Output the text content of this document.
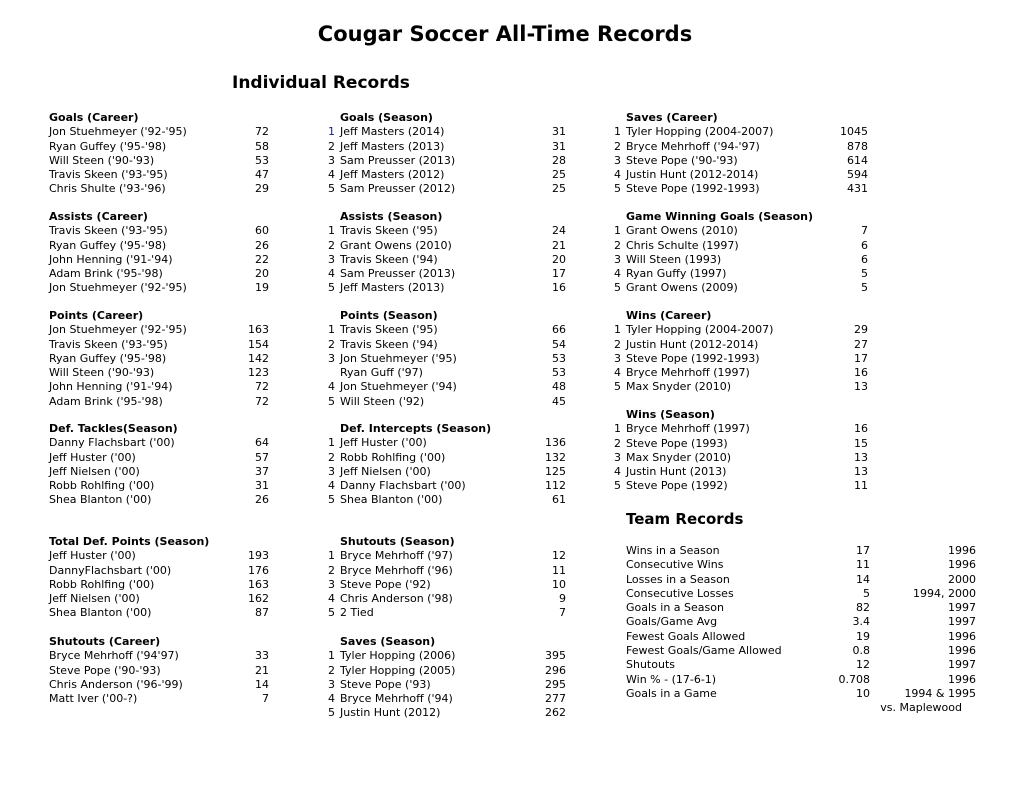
Cougar Soccer All-Time Records
Individual Records
Goals (Career)
Jon Stuehmeyer ('92-'95)	72
Ryan Guffey ('95-'98)	58
Will Steen ('90-'93)	53
Travis Skeen ('93-'95)	47
Chris Shulte ('93-'96)	29
Assists (Career)
Travis Skeen ('93-'95)	60
Ryan Guffey ('95-'98)	26
John Henning ('91-'94)	22
Adam Brink ('95-'98)	20
Jon Stuehmeyer ('92-'95)	19
Points (Career)
Jon Stuehmeyer ('92-'95)	163
Travis Skeen ('93-'95)	154
Ryan Guffey ('95-'98)	142
Will Steen ('90-'93)	123
John Henning ('91-'94)	72
Adam Brink ('95-'98)	72
Def. Tackles(Season)
Danny Flachsbart ('00)	64
Jeff Huster ('00)	57
Jeff Nielsen ('00)	37
Robb Rohlfing ('00)	31
Shea Blanton ('00)	26
Total Def. Points (Season)
Jeff Huster ('00)	193
DannyFlachsbart ('00)	176
Robb Rohlfing ('00)	163
Jeff Nielsen ('00)	162
Shea Blanton ('00)	87
Shutouts (Career)
Bryce Mehrhoff ('94'97)	33
Steve Pope ('90-'93)	21
Chris Anderson ('96-'99)	14
Matt Iver ('00-?)	7
Goals (Season)
1 Jeff Masters (2014)	31
2 Jeff Masters (2013)	31
3 Sam Preusser (2013)	28
4 Jeff Masters (2012)	25
5 Sam Preusser (2012)	25
Assists (Season)
1 Travis Skeen ('95)	24
2 Grant Owens (2010)	21
3 Travis Skeen ('94)	20
4 Sam Preusser (2013)	17
5 Jeff Masters (2013)	16
Points (Season)
1 Travis Skeen ('95)	66
2 Travis Skeen ('94)	54
3 Jon Stuehmeyer ('95)	53
Ryan Guff ('97)	53
4 Jon Stuehmeyer ('94)	48
5 Will Steen ('92)	45
Def. Intercepts (Season)
1 Jeff Huster ('00)	136
2 Robb Rohlfing ('00)	132
3 Jeff Nielsen ('00)	125
4 Danny Flachsbart ('00)	112
5 Shea Blanton ('00)	61
Shutouts (Season)
1 Bryce Mehrhoff ('97)	12
2 Bryce Mehrhoff ('96)	11
3 Steve Pope ('92)	10
4 Chris Anderson ('98)	9
5 2 Tied	7
Saves (Season)
1 Tyler Hopping (2006)	395
2 Tyler Hopping (2005)	296
3 Steve Pope ('93)	295
4 Bryce Mehrhoff ('94)	277
5 Justin Hunt (2012)	262
Saves (Career)
1 Tyler Hopping (2004-2007)	1045
2 Bryce Mehrhoff ('94-'97)	878
3 Steve Pope ('90-'93)	614
4 Justin Hunt (2012-2014)	594
5 Steve Pope (1992-1993)	431
Game Winning Goals (Season)
1 Grant Owens (2010)	7
2 Chris Schulte (1997)	6
3 Will Steen (1993)	6
4 Ryan Guffy (1997)	5
5 Grant Owens (2009)	5
Wins (Career)
1 Tyler Hopping (2004-2007)	29
2 Justin Hunt (2012-2014)	27
3 Steve Pope (1992-1993)	17
4 Bryce Mehrhoff (1997)	16
5 Max Snyder (2010)	13
Wins (Season)
1 Bryce Mehrhoff (1997)	16
2 Steve Pope (1993)	15
3 Max Snyder (2010)	13
4 Justin Hunt (2013)	13
5 Steve Pope (1992)	11
Team Records
Wins in a Season	17	1996
Consecutive Wins	11	1996
Losses in a Season	14	2000
Consecutive Losses	5	1994, 2000
Goals in a Season	82	1997
Goals/Game Avg	3.4	1997
Fewest Goals Allowed	19	1996
Fewest Goals/Game Allowed	0.8	1996
Shutouts	12	1997
Win % - (17-6-1)	0.708	1996
Goals in a Game	10	1994 & 1995
vs. Maplewood
